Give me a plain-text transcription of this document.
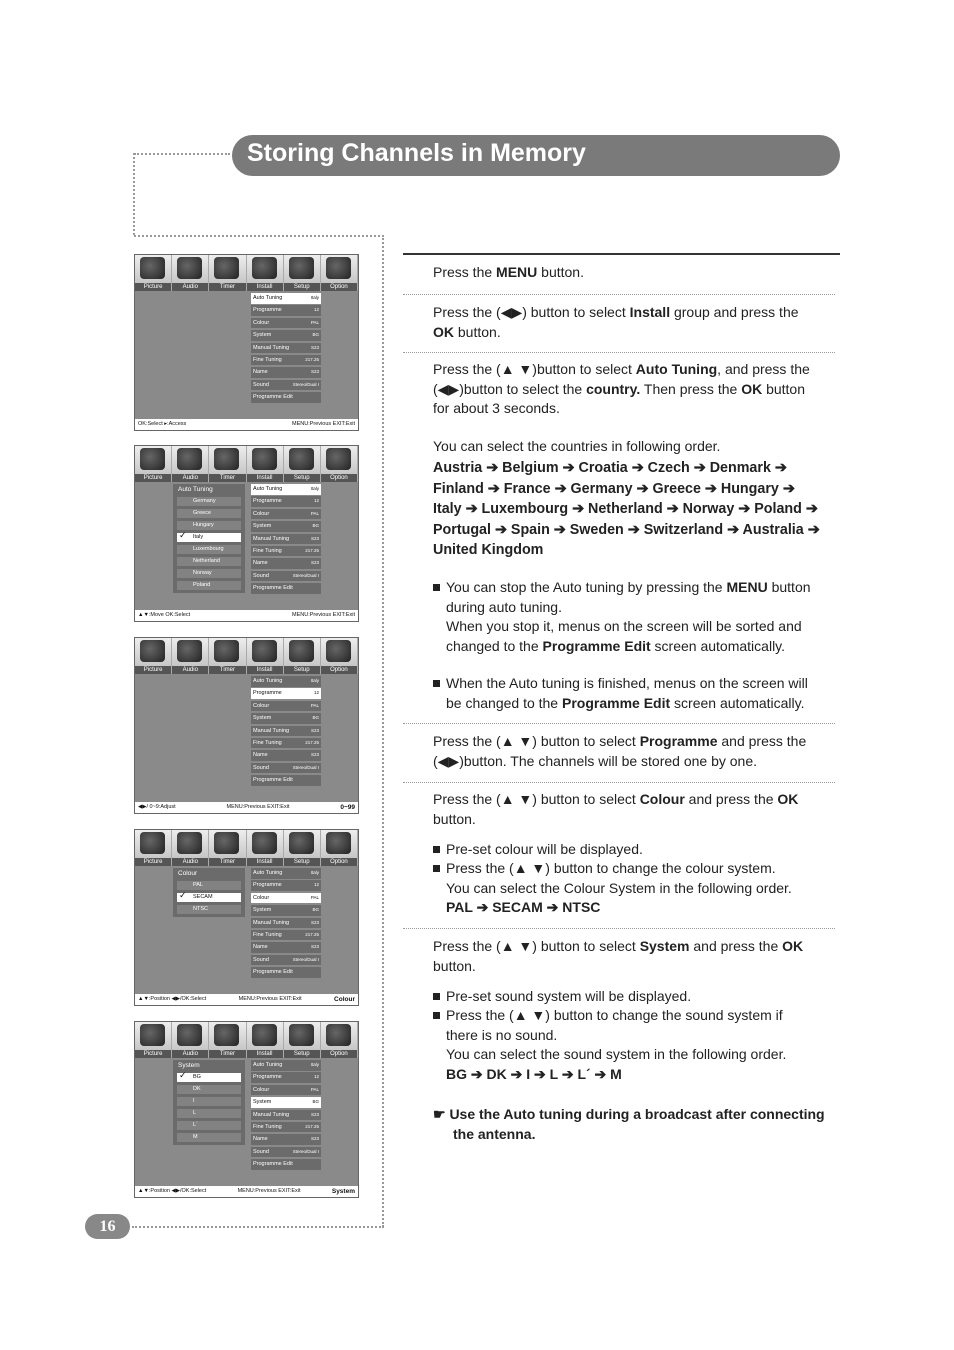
Storing Channels in Memory
16
Picture	Audio	Timer	Install	Setup	Option
Auto Tuning	Italy
Programme	12
Colour	PAL
System	BG
Manual Tuning	S23
Fine Tuning	217.25
Name	S23
Sound	Stereo/Dual I
Programme Edit
OK:Select ▸:Access	MENU:Previous EXIT:Exit
Picture	Audio	Timer	Install	Setup	Option
Auto Tuning	Italy
Programme	12
Colour	PAL
System	BG
Manual Tuning	S23
Fine Tuning	217.25
Name	S23
Sound	Stereo/Dual I
Programme Edit
Auto Tuning
Germany
Greece
Hungary
✓ Italy
Luxembourg
Netherland
Norway
Poland
▲▼:Move OK:Select	MENU:Previous EXIT:Exit
Picture	Audio	Timer	Install	Setup	Option
Auto Tuning	Italy
Programme	12
Colour	PAL
System	BG
Manual Tuning	S23
Fine Tuning	217.25
Name	S23
Sound	Stereo/Dual I
Programme Edit
◀▶/ 0~9:Adjust	MENU:Previous EXIT:Exit	0~99
Picture	Audio	Timer	Install	Setup	Option
Auto Tuning	Italy
Programme	12
Colour	PAL
System	BG
Manual Tuning	S23
Fine Tuning	217.25
Name	S23
Sound	Stereo/Dual I
Programme Edit
Colour
PAL
✓ SECAM
NTSC
▲▼:Position ◀▶/OK:Select	MENU:Previous EXIT:Exit	Colour
Picture	Audio	Timer	Install	Setup	Option
Auto Tuning	Italy
Programme	12
Colour	PAL
System	BG
Manual Tuning	S23
Fine Tuning	217.25
Name	S23
Sound	Stereo/Dual I
Programme Edit
System
✓ BG
DK
I
L
L´
M
▲▼:Position ◀▶/OK:Select	MENU:Previous EXIT:Exit	System
Press the MENU button.
Press the (◀▶) button to select Install group and press the
OK button.
Press the (▲ ▼)button to select Auto Tuning, and press the
(◀▶)button to select the country. Then press the OK button
for about 3 seconds.
You can select the countries in following order.
Austria ➔ Belgium ➔ Croatia ➔ Czech ➔ Denmark ➔
Finland ➔ France ➔ Germany ➔ Greece ➔ Hungary ➔
Italy ➔ Luxembourg ➔ Netherland ➔ Norway ➔ Poland ➔
Portugal ➔ Spain ➔ Sweden ➔ Switzerland ➔ Australia ➔
United Kingdom
You can stop the Auto tuning by pressing the MENU button
during auto tuning.
When you stop it, menus on the screen will be sorted and
changed to the Programme Edit screen automatically.
When the Auto tuning is finished, menus on the screen will
be changed to the Programme Edit screen automatically.
Press the (▲ ▼) button to select Programme and press the
(◀▶)button. The channels will be stored one by one.
Press the (▲ ▼) button to select Colour and press the OK
button.
Pre-set colour will be displayed.
Press the (▲ ▼) button to change the colour system.
You can select the Colour System in the following order.
PAL ➔ SECAM ➔ NTSC
Press the (▲ ▼) button to select System and press the OK
button.
Pre-set sound system will be displayed.
Press the (▲ ▼) button to change the sound system if
there is no sound.
You can select the sound system in the following order.
BG ➔ DK ➔ I ➔ L ➔ L´ ➔ M
☛ Use the Auto tuning during a broadcast after connecting
the antenna.
